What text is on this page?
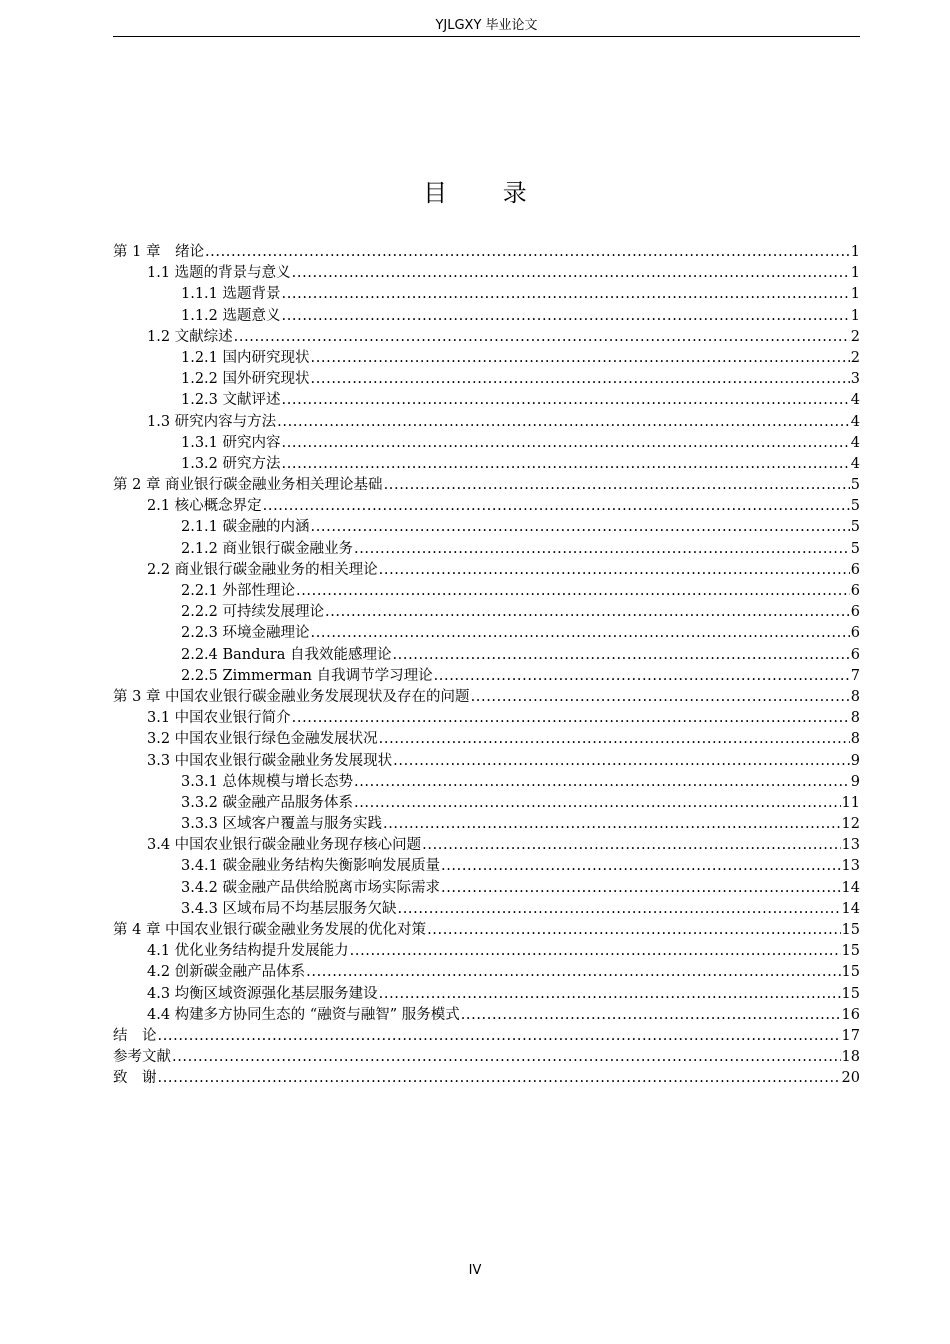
YJLGXY 毕业论文
目 录
第 1 章　绪论 .....	1
1.1 选题的背景与意义 .....	1
1.1.1 选题背景 .....	1
1.1.2 选题意义 .....	1
1.2 文献综述 .....	2
1.2.1 国内研究现状 .....	2
1.2.2 国外研究现状 .....	3
1.2.3 文献评述 .....	4
1.3 研究内容与方法 .....	4
1.3.1 研究内容 .....	4
1.3.2 研究方法 .....	4
第 2 章 商业银行碳金融业务相关理论基础 .....	5
2.1 核心概念界定 .....	5
2.1.1 碳金融的内涵 .....	5
2.1.2 商业银行碳金融业务 .....	5
2.2 商业银行碳金融业务的相关理论 .....	6
2.2.1 外部性理论 .....	6
2.2.2 可持续发展理论 .....	6
2.2.3 环境金融理论 .....	6
2.2.4 Bandura 自我效能感理论 .....	6
2.2.5 Zimmerman 自我调节学习理论 .....	7
第 3 章 中国农业银行碳金融业务发展现状及存在的问题 .....	8
3.1 中国农业银行简介 .....	8
3.2 中国农业银行绿色金融发展状况 .....	8
3.3 中国农业银行碳金融业务发展现状 .....	9
3.3.1 总体规模与增长态势 .....	9
3.3.2 碳金融产品服务体系 .....	11
3.3.3 区域客户覆盖与服务实践 .....	12
3.4 中国农业银行碳金融业务现存核心问题 .....	13
3.4.1 碳金融业务结构失衡影响发展质量 .....	13
3.4.2 碳金融产品供给脱离市场实际需求 .....	14
3.4.3 区域布局不均基层服务欠缺 .....	14
第 4 章 中国农业银行碳金融业务发展的优化对策 .....	15
4.1 优化业务结构提升发展能力 .....	15
4.2 创新碳金融产品体系 .....	15
4.3 均衡区域资源强化基层服务建设 .....	15
4.4 构建多方协同生态的 “融资与融智” 服务模式 .....	16
结　论 .....	17
参考文献 .....	18
致　谢 .....	20
IV
